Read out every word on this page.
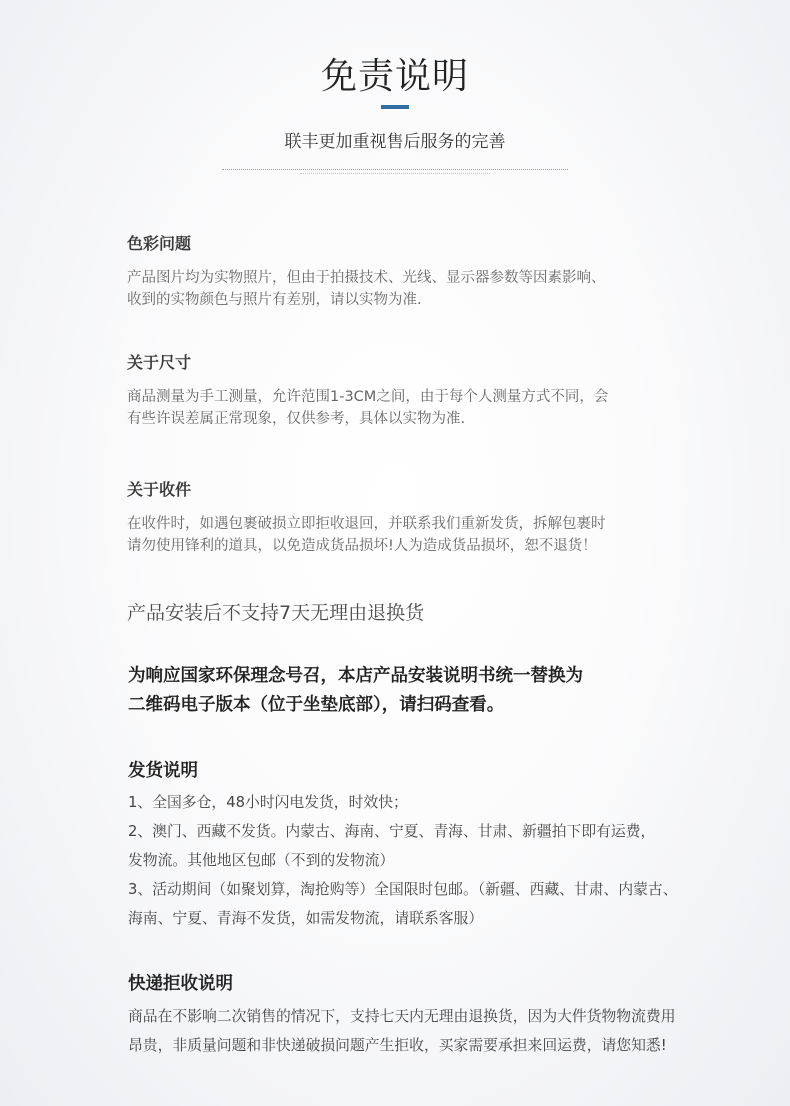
免责说明
联丰更加重视售后服务的完善
色彩问题
产品图片均为实物照片，但由于拍摄技术、光线、显示器参数等因素影响、
收到的实物颜色与照片有差别，请以实物为准.
关于尺寸
商品测量为手工测量，允许范围1-3CM之间，由于每个人测量方式不同，会
有些许误差属正常现象，仅供参考，具体以实物为准.
关于收件
在收件时，如遇包裹破损立即拒收退回，并联系我们重新发货，拆解包裹时
请勿使用锋利的道具，以免造成货品损坏!人为造成货品损坏，恕不退货！
产品安装后不支持7天无理由退换货
为响应国家环保理念号召，本店产品安装说明书统一替换为
二维码电子版本（位于坐垫底部），请扫码查看。
发货说明
1、全国多仓，48小时闪电发货，时效快；
2、澳门、西藏不发货。内蒙古、海南、宁夏、青海、甘肃、新疆拍下即有运费，
发物流。其他地区包邮（不到的发物流）
3、活动期间（如聚划算，淘抢购等）全国限时包邮。（新疆、西藏、甘肃、内蒙古、
海南、宁夏、青海不发货，如需发物流，请联系客服）
快递拒收说明
商品在不影响二次销售的情况下，支持七天内无理由退换货，因为大件货物物流费用
昂贵，非质量问题和非快递破损问题产生拒收，买家需要承担来回运费，请您知悉!
